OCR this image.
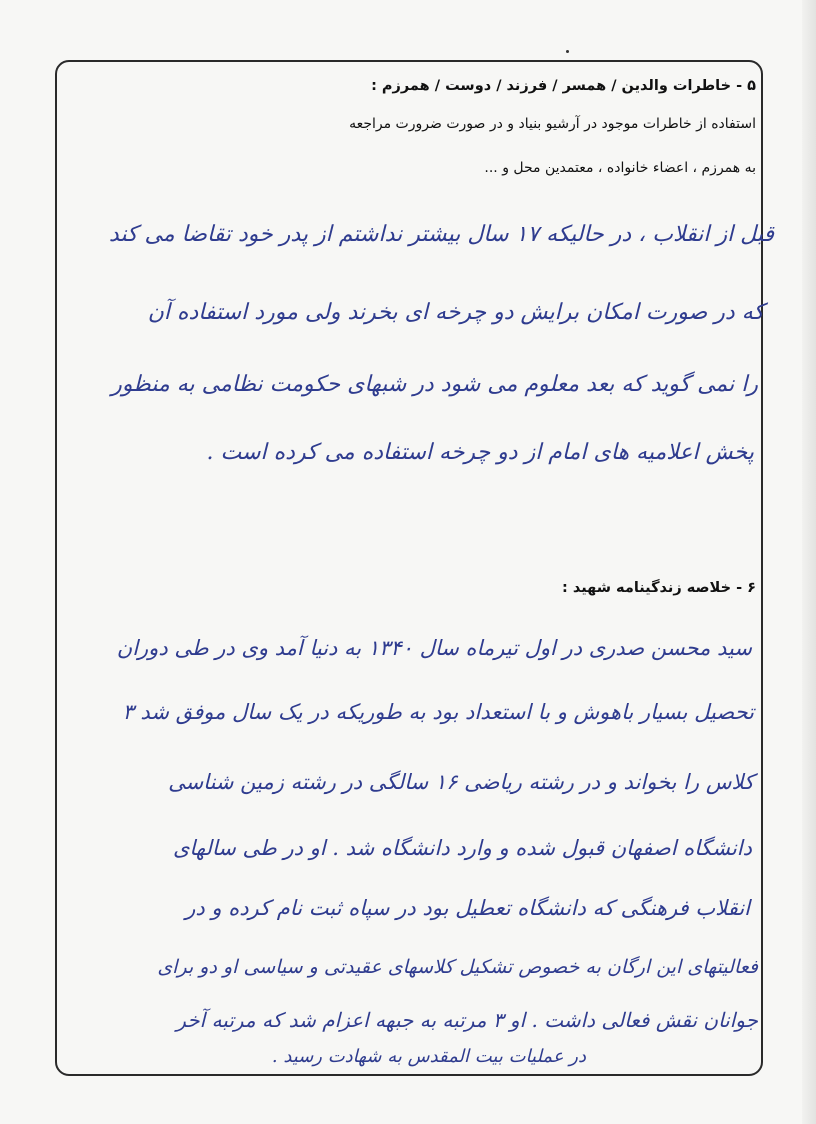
۵ - خاطرات والدین / همسر / فرزند / دوست / همرزم :
استفاده از خاطرات موجود در آرشیو بنیاد و در صورت ضرورت مراجعه
به همرزم ، اعضاء خانواده ، معتمدین محل و ...
قبل از انقلاب ، در حالیکه ۱۷ سال بیشتر نداشتم از پدر خود تقاضا می کند
که در صورت امکان برایش دو چرخه ای بخرند ولی مورد استفاده آن
را نمی گوید که بعد معلوم می شود در شبهای حکومت نظامی به منظور
پخش اعلامیه های امام از دو چرخه استفاده می کرده است .
۶ - خلاصه زندگینامه شهید :
سید محسن صدری در اول تیرماه سال ۱۳۴۰ به دنیا آمد وی در طی دوران
تحصیل بسیار باهوش و با استعداد بود به طوریکه در یک سال موفق شد ۳
کلاس را بخواند و در رشته ریاضی ۱۶ سالگی در رشته زمین شناسی
دانشگاه اصفهان قبول شده و وارد دانشگاه شد . او در طی سالهای
انقلاب فرهنگی که دانشگاه تعطیل بود در سپاه ثبت نام کرده و در
فعالیتهای این ارگان به خصوص تشکیل کلاسهای عقیدتی و سیاسی او دو برای
جوانان نقش فعالی داشت . او ۳ مرتبه به جبهه اعزام شد که مرتبه آخر
در عملیات بیت المقدس به شهادت رسید .
